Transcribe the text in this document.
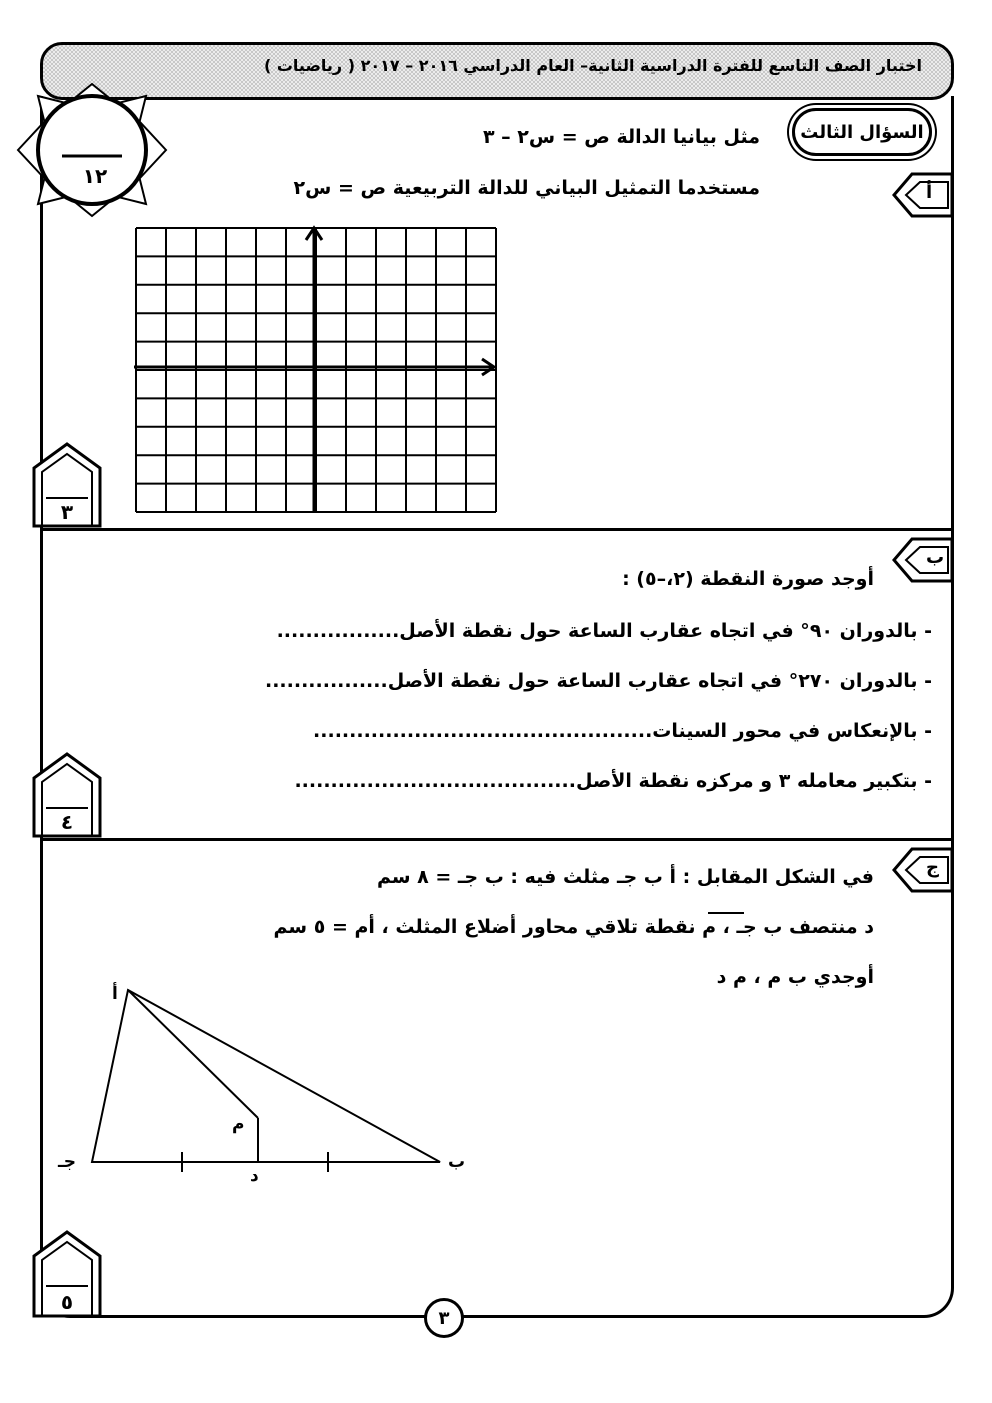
اختبار الصف التاسع للفترة الدراسية الثانية– العام الدراسي ٢٠١٦ – ٢٠١٧ ( رياضيات )
السؤال الثالث
١٢
أ
مثل بيانيا الدالة ص = س٢ – ٣
مستخدما التمثيل البياني للدالة التربيعية ص = س٢
٣
ب
أوجد صورة النقطة (٢،–٥) :
- بالدوران ٩٠° في اتجاه عقارب الساعة حول نقطة الأصل.................
- بالدوران ٢٧٠° في اتجاه عقارب الساعة حول نقطة الأصل.................
- بالإنعكاس في محور السينات...............................................
- بتكبير معامله ٣ و مركزه نقطة الأصل.......................................
٤
ج
في الشكل المقابل : أ ب جـ مثلث فيه : ب جـ = ٨ سم
د منتصف ب جـ ، م نقطة تلاقي محاور أضلاع المثلث ، أم = ٥ سم
أوجدي ب م ، م د
أ
ب
جـ
د
م
٥
٣
